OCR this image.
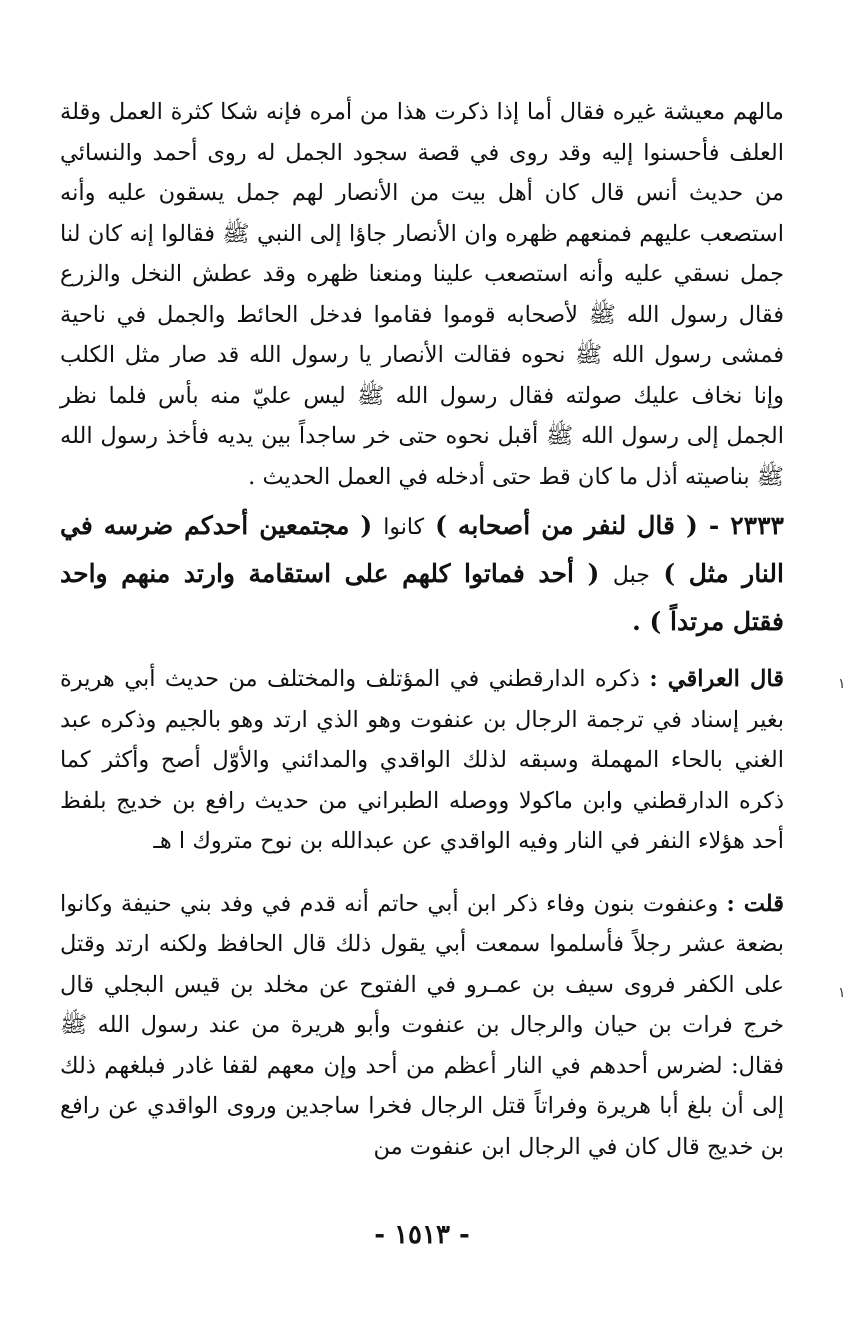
مالهم معيشة غيره فقال أما إذا ذكرت هذا من أمره فإنه شكا كثرة العمل وقلة العلف فأحسنوا إليه وقد روى في قصة سجود الجمل له روى أحمد والنسائي من حديث أنس قال كان أهل بيت من الأنصار لهم جمل يسقون عليه وأنه استصعب عليهم فمنعهم ظهره وان الأنصار جاؤا إلى النبي ﷺ فقالوا إنه كان لنا جمل نسقي عليه وأنه استصعب علينا ومنعنا ظهره وقد عطش النخل والزرع فقال رسول الله ﷺ لأصحابه قوموا فقاموا فدخل الحائط والجمل في ناحية فمشى رسول الله ﷺ نحوه فقالت الأنصار يا رسول الله قد صار مثل الكلب وإنا نخاف عليك صولته فقال رسول الله ﷺ ليس عليّ منه بأس فلما نظر الجمل إلى رسول الله ﷺ أقبل نحوه حتى خر ساجداً بين يديه فأخذ رسول الله ﷺ بناصيته أذل ما كان قط حتى أدخله في العمل الحديث .

٢٣٣٣ - ( قال لنفر من أصحابه ) كانوا ( مجتمعين أحدكم ضرسه في النار مثل ) جبل ( أحد فماتوا كلهم على استقامة وارتد منهم واحد فقتل مرتداً ) .

قال العراقي : ذكره الدارقطني في المؤتلف والمختلف من حديث أبي هريرة بغير إسناد في ترجمة الرجال بن عنفوت وهو الذي ارتد وهو بالجيم وذكره عبد الغني بالحاء المهملة وسبقه لذلك الواقدي والمدائني والأوّل أصح وأكثر كما ذكره الدارقطني وابن ماكولا ووصله الطبراني من حديث رافع بن خديج بلفظ أحد هؤلاء النفر في النار وفيه الواقدي عن عبدالله بن نوح متروك ا هـ

قلت : وعنفوت بنون وفاء ذكر ابن أبي حاتم أنه قدم في وفد بني حنيفة وكانوا بضعة عشر رجلاً فأسلموا سمعت أبي يقول ذلك قال الحافظ ولكنه ارتد وقتل على الكفر فروى سيف بن عمـرو في الفتوح عن مخلد بن قيس البجلي قال خرج فرات بن حيان والرجال بن عنفوت وأبو هريرة من عند رسول الله ﷺ فقال: لضرس أحدهم في النار أعظم من أحد وإن معهم لقفا غادر فبلغهم ذلك إلى أن بلغ أبا هريرة وفراتاً قتل الرجال فخرا ساجدين وروى الواقدي عن رافع بن خديج قال كان في الرجال ابن عنفوت من

١
١
- ١٥١٣ -
